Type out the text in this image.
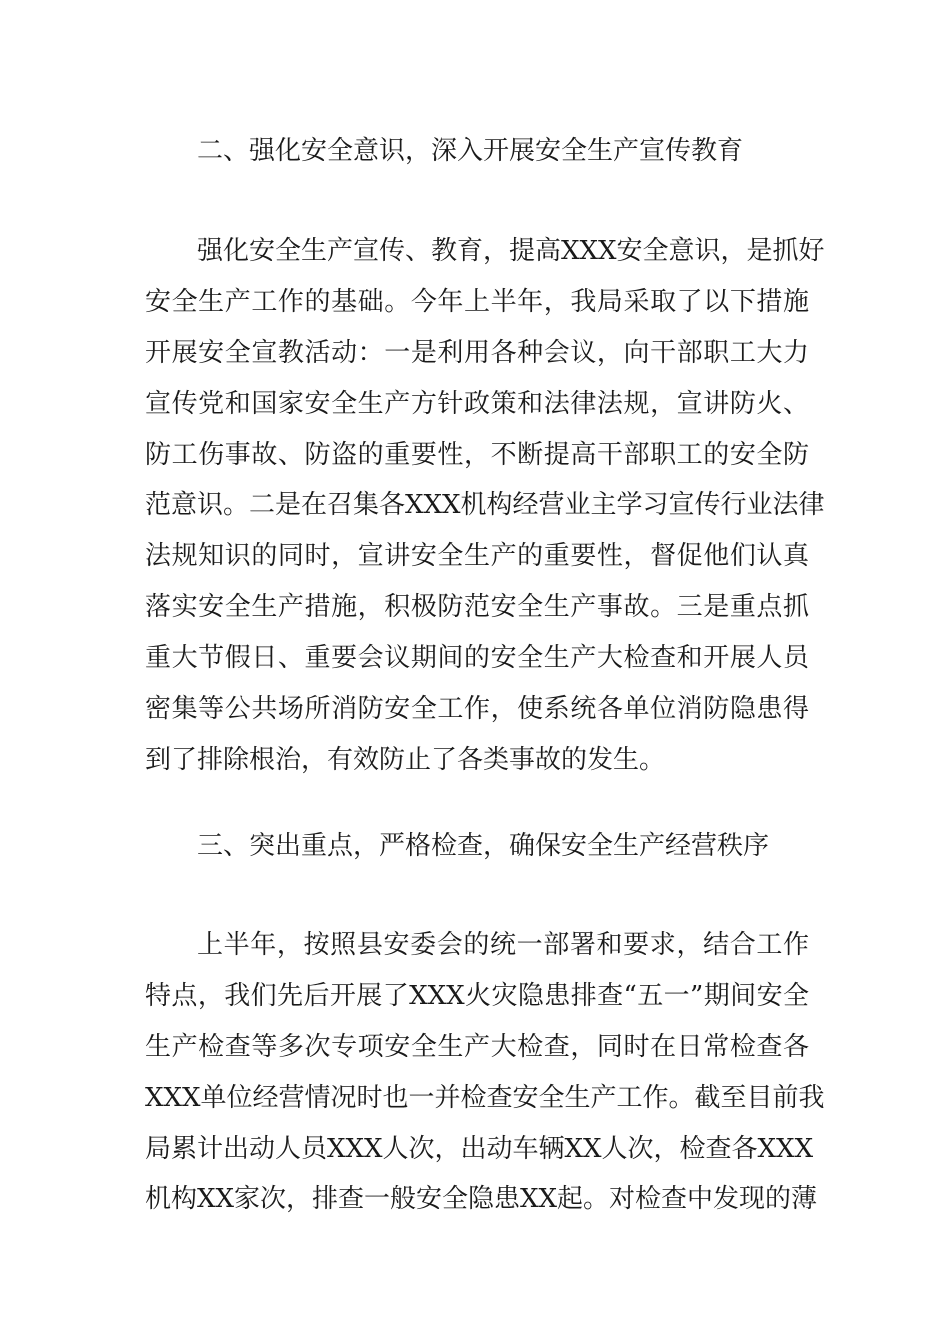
二、强化安全意识，深入开展安全生产宣传教育
强化安全生产宣传、教育，提高XXX安全意识，是抓好
安全生产工作的基础。今年上半年，我局采取了以下措施
开展安全宣教活动：一是利用各种会议，向干部职工大力
宣传党和国家安全生产方针政策和法律法规，宣讲防火、
防工伤事故、防盗的重要性，不断提高干部职工的安全防
范意识。二是在召集各XXX机构经营业主学习宣传行业法律
法规知识的同时，宣讲安全生产的重要性，督促他们认真
落实安全生产措施，积极防范安全生产事故。三是重点抓
重大节假日、重要会议期间的安全生产大检查和开展人员
密集等公共场所消防安全工作，使系统各单位消防隐患得
到了排除根治，有效防止了各类事故的发生。
三、突出重点，严格检查，确保安全生产经营秩序
上半年，按照县安委会的统一部署和要求，结合工作
特点，我们先后开展了XXX火灾隐患排查“五一”期间安全
生产检查等多次专项安全生产大检查，同时在日常检查各
XXX单位经营情况时也一并检查安全生产工作。截至目前我
局累计出动人员XXX人次，出动车辆XX人次，检查各XXX
机构XX家次，排查一般安全隐患XX起。对检查中发现的薄
